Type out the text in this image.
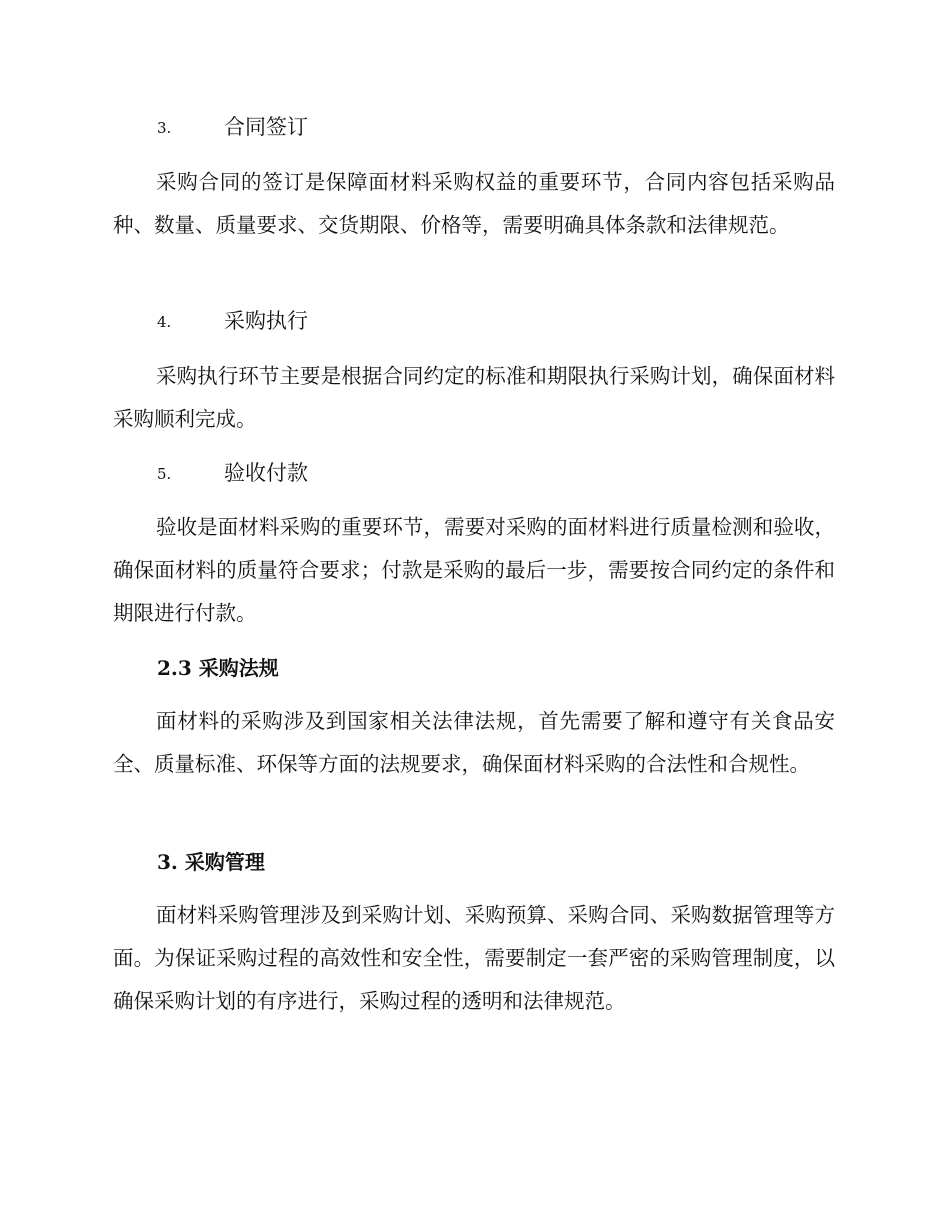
3.	合同签订

采购合同的签订是保障面材料采购权益的重要环节，合同内容包括采购品种、数量、质量要求、交货期限、价格等，需要明确具体条款和法律规范。

4.	采购执行

采购执行环节主要是根据合同约定的标准和期限执行采购计划，确保面材料采购顺利完成。

5.	验收付款

验收是面材料采购的重要环节，需要对采购的面材料进行质量检测和验收，确保面材料的质量符合要求；付款是采购的最后一步，需要按合同约定的条件和期限进行付款。

2.3 采购法规

面材料的采购涉及到国家相关法律法规，首先需要了解和遵守有关食品安全、质量标准、环保等方面的法规要求，确保面材料采购的合法性和合规性。

3. 采购管理

面材料采购管理涉及到采购计划、采购预算、采购合同、采购数据管理等方面。为保证采购过程的高效性和安全性，需要制定一套严密的采购管理制度，以确保采购计划的有序进行，采购过程的透明和法律规范。
